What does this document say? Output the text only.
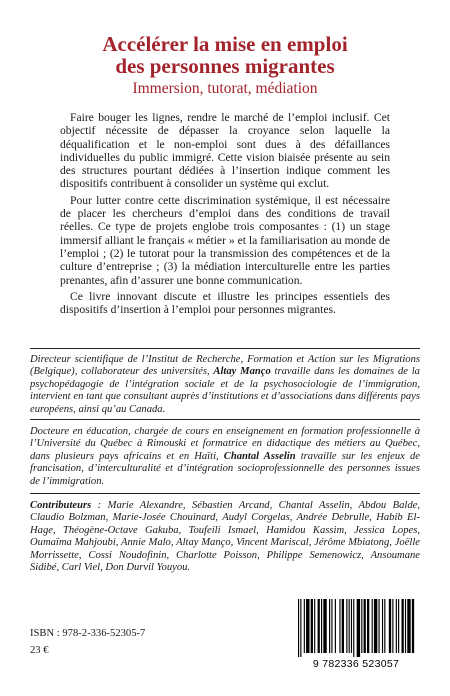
Accélérer la mise en emploi
des personnes migrantes
Immersion, tutorat, médiation

Faire bouger les lignes, rendre le marché de l’emploi inclusif. Cet objectif nécessite de dépasser la croyance selon laquelle la déqualification et le non-emploi sont dues à des défaillances individuelles du public immigré. Cette vision biaisée présente au sein des structures pourtant dédiées à l’insertion indique comment les dispositifs contribuent à consolider un système qui exclut.

Pour lutter contre cette discrimination systémique, il est nécessaire de placer les chercheurs d’emploi dans des conditions de travail réelles. Ce type de projets englobe trois composantes : (1) un stage immersif alliant le français « métier » et la familiarisation au monde de l’emploi ; (2) le tutorat pour la transmission des compétences et de la culture d’entreprise ; (3) la médiation interculturelle entre les parties prenantes, afin d’assurer une bonne communication.

Ce livre innovant discute et illustre les principes essentiels des dispositifs d’insertion à l’emploi pour personnes migrantes.

Directeur scientifique de l’Institut de Recherche, Formation et Action sur les Migrations (Belgique), collaborateur des universités, Altay Manço travaille dans les domaines de la psychopédagogie de l’intégration sociale et de la psychosociologie de l’immigration, intervient en tant que consultant auprès d’institutions et d’associations dans différents pays européens, ainsi qu’au Canada.
Docteure en éducation, chargée de cours en enseignement en formation professionnelle à l’Université du Québec à Rimouski et formatrice en didactique des métiers au Québec, dans plusieurs pays africains et en Haïti, Chantal Asselin travaille sur les enjeux de francisation, d’interculturalité et d’intégration socioprofessionnelle des personnes issues de l’immigration.
Contributeurs : Marie Alexandre, Sébastien Arcand, Chantal Asselin, Abdou Balde, Claudio Bolzman, Marie-Josée Chouinard, Audyl Corgelas, Andrée Debrulle, Habib El-Hage, Théogène-Octave Gakuba, Toufeili Ismael, Hamidou Kassim, Jessica Lopes, Oumaïma Mahjoubi, Annie Malo, Altay Manço, Vincent Mariscal, Jérôme Mbiatong, Joëlle Morrissette, Cossi Noudofinin, Charlotte Poisson, Philippe Semenowicz, Ansoumane Sidibé, Carl Viel, Don Durvil Youyou.
ISBN : 978-2-336-52305-7
23 €
9 782336 523057
